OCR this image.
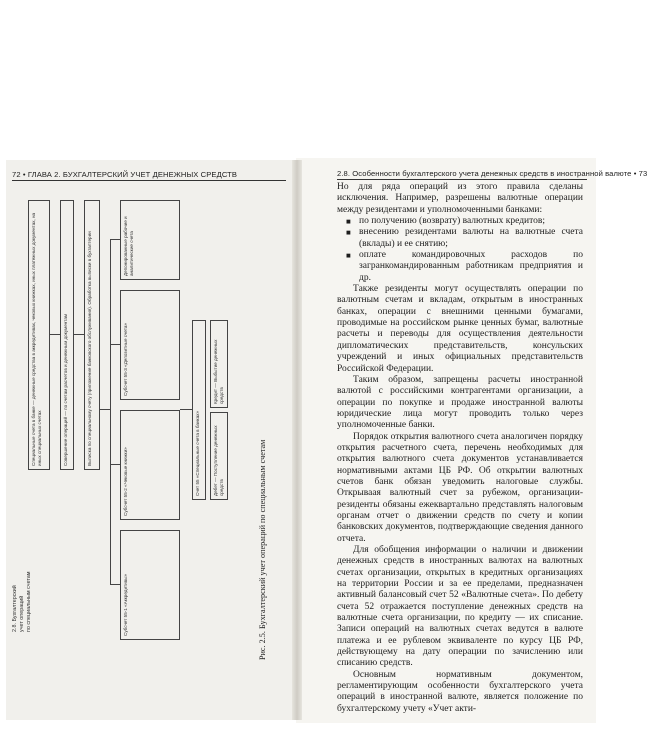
72 • ГЛАВА 2. БУХГАЛТЕРСКИЙ УЧЕТ ДЕНЕЖНЫХ СРЕДСТВ	2.8. Особенности бухгалтерского учета денежных средств в иностранной валюте • 73
Специальные счета в банке — денежные средства в аккредитивах, чековых книжках, иных платежных документах, на иных специальных счетах	Совершение операций — по счетам расчетов и денежным документам	Выписка по специальному счету (приложение банковского обслуживания). Обработка выписки в бухгалтерии
Субсчет 55-1 «Аккредитивы»
Субсчет 55-2 «Чековые книжки»
Субсчет 55-3 «Депозитные счета»
Счет 55 «Специальные счета в банках»	Дебет — Поступление денежных средств
Кредит — Выбытие денежных средств
Депонированные рабочие и аналитические счета
Рис. 2.5. Бухгалтерский учет операций по специальным счетам
2.8. Бухгалтерский учет операций по специальным счетам

Но для ряда операций из этого правила сделаны исключения. Например, разрешены валютные операции между резидентами и уполномоченными банками:

■ по получению (возврату) валютных кредитов;
■ внесению резидентами валюты на валютные счета (вклады) и ее снятию;
■ оплате командировочных расходов по загранкомандированным работникам предприятия и др.

Также резиденты могут осуществлять операции по валютным счетам и вкладам, открытым в иностранных банках, операции с внешними ценными бумагами, проводимые на российском рынке ценных бумаг, валютные расчеты и переводы для осуществления деятельности дипломатических представительств, консульских учреждений и иных официальных представительств Российской Федерации.

Таким образом, запрещены расчеты иностранной валютой с российскими контрагентами организации, а операции по покупке и продаже иностранной валюты юридические лица могут проводить только через уполномоченные банки.

Порядок открытия валютного счета аналогичен порядку открытия расчетного счета, перечень необходимых для открытия валютного счета документов устанавливается нормативными актами ЦБ РФ. Об открытии валютных счетов банк обязан уведомить налоговые службы. Открываая валютный счет за рубежом, организации-резиденты обязаны ежеквартально представлять налоговым органам отчет о движении средств по счету и копии банковских документов, подтверждающие сведения данного отчета.

Для обобщения информации о наличии и движении денежных средств в иностранных валютах на валютных счетах организации, открытых в кредитных организациях на территории России и за ее пределами, предназначен активный балансовый счет 52 «Валютные счета». По дебету счета 52 отражается поступление денежных средств на валютные счета организации, по кредиту — их списание. Записи операций на валютных счетах ведутся в валюте платежа и ее рублевом эквиваленте по курсу ЦБ РФ, действующему на дату операции по зачислению или списанию средств.

Основным нормативным документом, регламентирующим особенности бухгалтерского учета операций в иностранной валюте, является положение по бухгалтерскому учету «Учет акти-
